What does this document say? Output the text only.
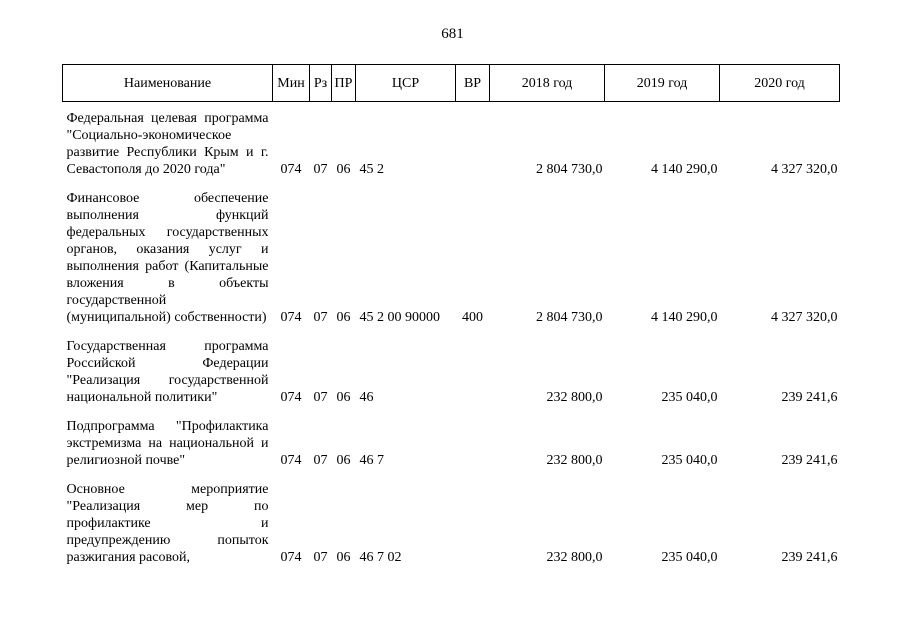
681
Наименование	Мин	Рз	ПР	ЦСР	ВР	2018 год	2019 год	2020 год

Федеральная целевая программа "Социально-экономическое развитие Республики Крым и г. Севастополя до 2020 года"	074	07	06	45 2		2 804 730,0	4 140 290,0	4 327 320,0

Финансовое обеспечение выполнения функций федеральных государственных органов, оказания услуг и выполнения работ (Капитальные вложения в объекты государственной (муниципальной) собственности)	074	07	06	45 2 00 90000	400	2 804 730,0	4 140 290,0	4 327 320,0

Государственная программа Российской Федерации "Реализация государственной национальной политики"	074	07	06	46		232 800,0	235 040,0	239 241,6

Подпрограмма "Профилактика экстремизма на национальной и религиозной почве"	074	07	06	46 7		232 800,0	235 040,0	239 241,6

Основное мероприятие "Реализация мер по профилактике и предупреждению попыток разжигания расовой,	074	07	06	46 7 02		232 800,0	235 040,0	239 241,6
